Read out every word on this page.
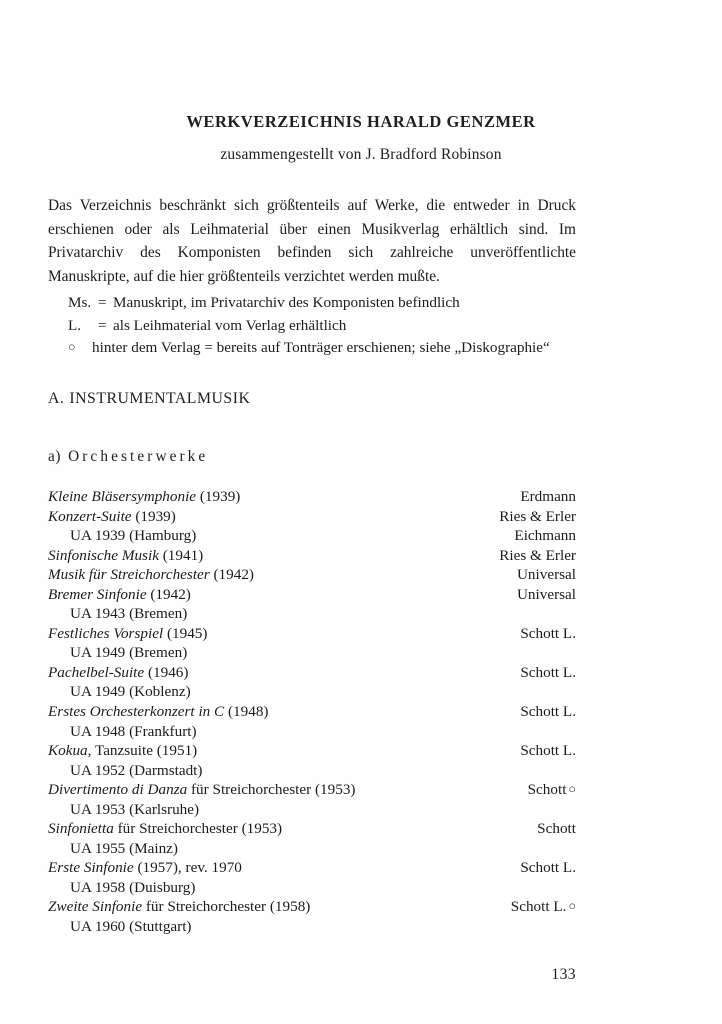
WERKVERZEICHNIS HARALD GENZMER
zusammengestellt von J. Bradford Robinson

Das Verzeichnis beschränkt sich größtenteils auf Werke, die entweder in Druck erschienen oder als Leihmaterial über einen Musikverlag erhältlich sind. Im Privatarchiv des Komponisten befinden sich zahlreiche unveröffentlichte Manuskripte, auf die hier größtenteils verzichtet werden mußte.

Ms. = Manuskript, im Privatarchiv des Komponisten befindlich
L. = als Leihmaterial vom Verlag erhältlich
○ hinter dem Verlag = bereits auf Tonträger erschienen; siehe „Diskographie“
A. INSTRUMENTALMUSIK
a) Orchesterwerke
Kleine Bläsersymphonie (1939)	Erdmann
Konzert-Suite (1939)	Ries & Erler
UA 1939 (Hamburg)	Eichmann
Sinfonische Musik (1941)	Ries & Erler
Musik für Streichorchester (1942)	Universal
Bremer Sinfonie (1942)	Universal
UA 1943 (Bremen)
Festliches Vorspiel (1945)	Schott L.
UA 1949 (Bremen)
Pachelbel-Suite (1946)	Schott L.
UA 1949 (Koblenz)
Erstes Orchesterkonzert in C (1948)	Schott L.
UA 1948 (Frankfurt)
Kokua, Tanzsuite (1951)	Schott L.
UA 1952 (Darmstadt)
Divertimento di Danza für Streichorchester (1953)	Schott ○
UA 1953 (Karlsruhe)
Sinfonietta für Streichorchester (1953)	Schott
UA 1955 (Mainz)
Erste Sinfonie (1957), rev. 1970	Schott L.
UA 1958 (Duisburg)
Zweite Sinfonie für Streichorchester (1958)	Schott L. ○
UA 1960 (Stuttgart)
133
